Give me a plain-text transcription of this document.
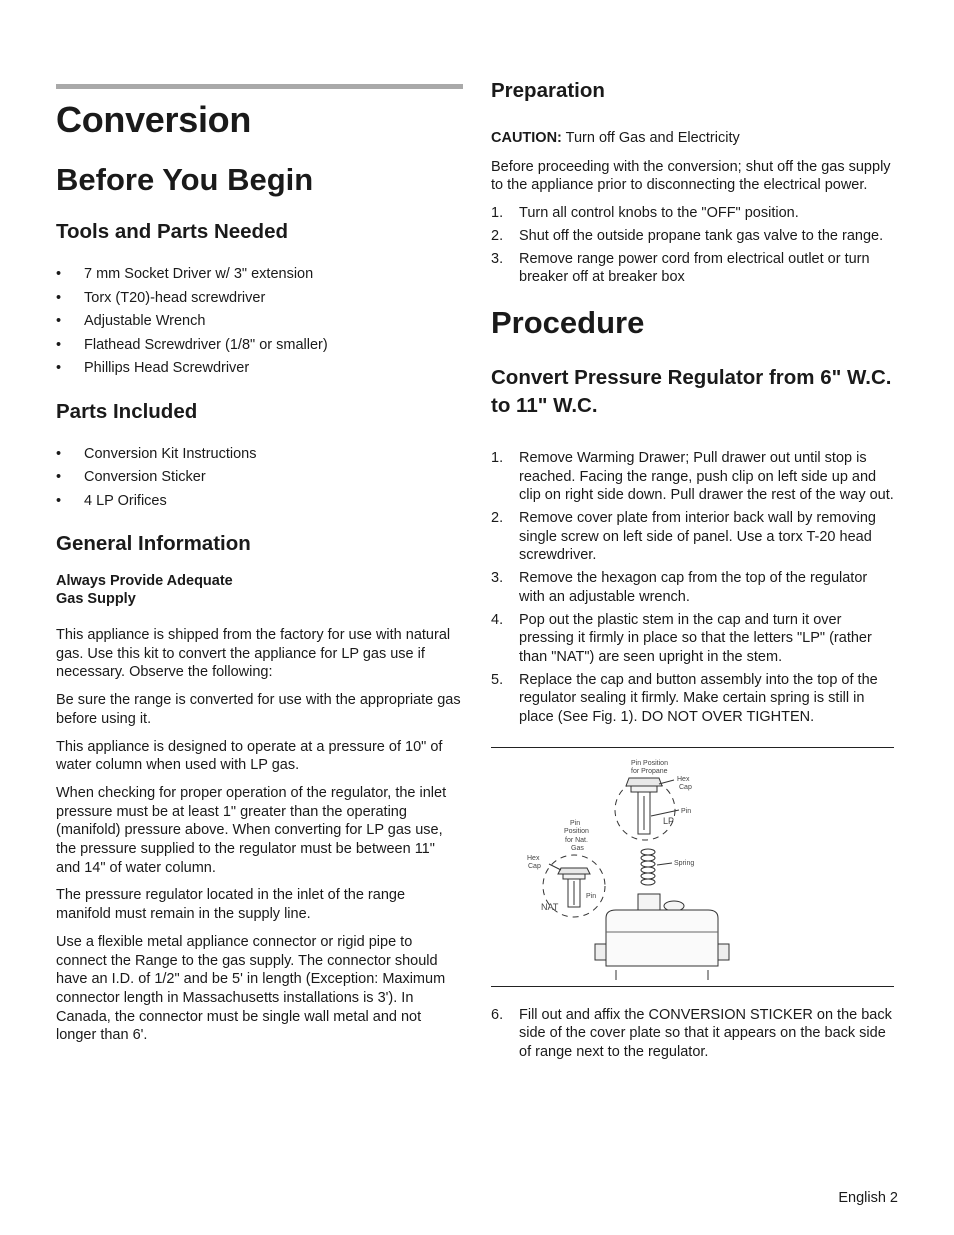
Conversion
Before You Begin
Tools and Parts Needed
• 7 mm Socket Driver w/ 3" extension
• Torx (T20)-head screwdriver
• Adjustable Wrench
• Flathead Screwdriver (1/8" or smaller)
• Phillips Head Screwdriver
Parts Included
• Conversion Kit Instructions
• Conversion Sticker
• 4 LP Orifices
General Information
Always Provide Adequate
Gas Supply

This appliance is shipped from the factory for use with natural gas. Use this kit to convert the appliance for LP gas use if necessary. Observe the following:

Be sure the range is converted for use with the appropriate gas before using it.

This appliance is designed to operate at a pressure of 10" of water column when used with LP gas.

When checking for proper operation of the regulator, the inlet pressure must be at least 1" greater than the operating (manifold) pressure above. When converting for LP gas use, the pressure supplied to the regulator must be between 11" and 14" of water column.

The pressure regulator located in the inlet of the range manifold must remain in the supply line.

Use a flexible metal appliance connector or rigid pipe to connect the Range to the gas supply. The connector should have an I.D. of 1/2" and be 5' in length (Exception: Maximum connector length in Massachusetts installations is 3'). In Canada, the connector must be single wall metal and not longer than 6'.

Preparation

CAUTION: Turn off Gas and Electricity

Before proceeding with the conversion; shut off the gas supply to the appliance prior to disconnecting the electrical power.

1. Turn all control knobs to the "OFF" position.
2. Shut off the outside propane tank gas valve to the range.
3. Remove range power cord from electrical outlet or turn breaker off at breaker box
Procedure
Convert Pressure Regulator from 6" W.C. to 11" W.C.
1. Remove Warming Drawer; Pull drawer out until stop is reached. Facing the range, push clip on left side up and clip on right side down. Pull drawer the rest of the way out.
2. Remove cover plate from interior back wall by removing single screw on left side of panel. Use a torx T-20 head screwdriver.
3. Remove the hexagon cap from the top of the regulator with an adjustable wrench.
4. Pop out the plastic stem in the cap and turn it over pressing it firmly in place so that the letters "LP" (rather than "NAT") are seen upright in the stem.
5. Replace the cap and button assembly into the top of the regulator sealing it firmly. Make certain spring is still in place (See Fig. 1). DO NOT OVER TIGHTEN.
Pin Position
for Propane
Hex
Cap
Pin
LP
Pin
Position
for Nat.
Gas
Hex
Cap	Spring
Pin
NAT
6. Fill out and affix the CONVERSION STICKER on the back side of the cover plate so that it appears on the back side of range next to the regulator.
English 2
